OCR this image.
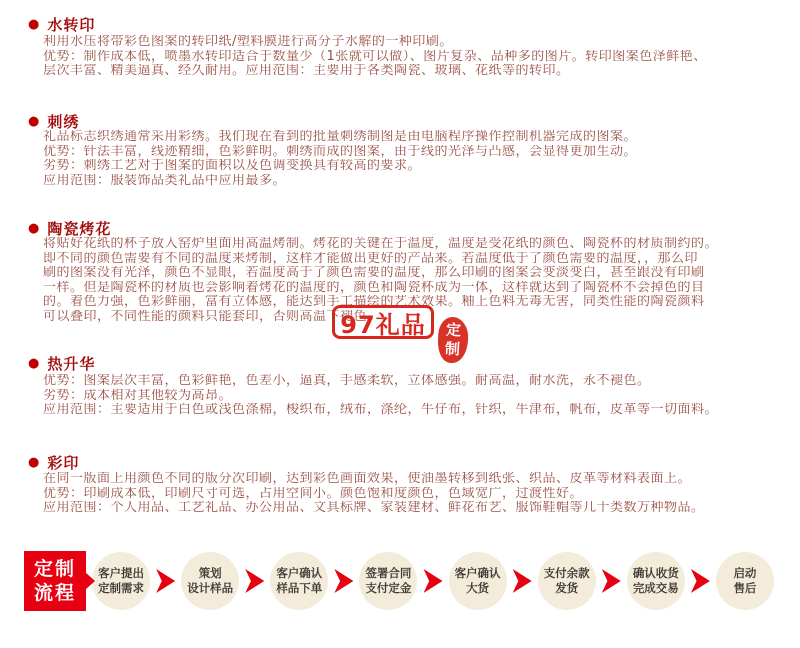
● 水转印
利用水压将带彩色图案的转印纸/塑料膜进行高分子水解的一种印刷。
优势：制作成本低，喷墨水转印适合于数量少（1张就可以做）、图片复杂、品种多的图片。转印图案色泽鲜艳、
层次丰富、精美逼真、经久耐用。应用范围：主要用于各类陶瓷、玻璃、花纸等的转印。
● 刺绣
礼品标志织绣通常采用彩绣。我们现在看到的批量刺绣制图是由电脑程序操作控制机器完成的图案。
优势：针法丰富，线迹精细，色彩鲜明。刺绣而成的图案，由于线的光泽与凸感，会显得更加生动。
劣势：刺绣工艺对于图案的面积以及色调变换具有较高的要求。
应用范围：服装饰品类礼品中应用最多。
● 陶瓷烤花
将贴好花纸的杯子放入窑炉里面用高温烤制。烤花的关键在于温度，温度是受花纸的颜色、陶瓷杯的材质制约的。
即不同的颜色需要有不同的温度来烤制，这样才能做出更好的产品来。若温度低于了颜色需要的温度，，那么印
刷的图案没有光泽，颜色不显眼，若温度高于了颜色需要的温度，那么印刷的图案会变淡变白，甚至跟没有印刷
一样。但是陶瓷杯的材质也会影响着烤花的温度的，颜色和陶瓷杯成为一体，这样就达到了陶瓷杯不会掉色的目
的。着色力强，色彩鲜丽，富有立体感，能达到手工描绘的艺术效果。釉上色料无毒无害，同类性能的陶瓷颜料
可以叠印，不同性能的颜料只能套印，否则高温下褪色。
97礼品 定
制
● 热升华
优势：图案层次丰富，色彩鲜艳，色差小，逼真，手感柔软，立体感强。耐高温，耐水洗，永不褪色。
劣势：成本相对其他较为高昂。
应用范围：主要适用于白色或浅色涤棉，梭织布，绒布，涤纶，牛仔布，针织，牛津布，帆布，皮革等一切面料。
● 彩印
在同一版面上用颜色不同的版分次印刷，达到彩色画面效果，使油墨转移到纸张、织品、皮革等材料表面上。
优势：印刷成本低，印刷尺寸可选，占用空间小。颜色饱和度颜色，色域宽广，过渡性好。
应用范围：个人用品、工艺礼品、办公用品、文具标牌、家装建材、鲜花布艺、服饰鞋帽等几十类数万种物品。
定制
流程
客户提出
定制需求
策划
设计样品
客户确认
样品下单
签署合同
支付定金
客户确认
大货
支付余款
发货
确认收货
完成交易
启动
售后
